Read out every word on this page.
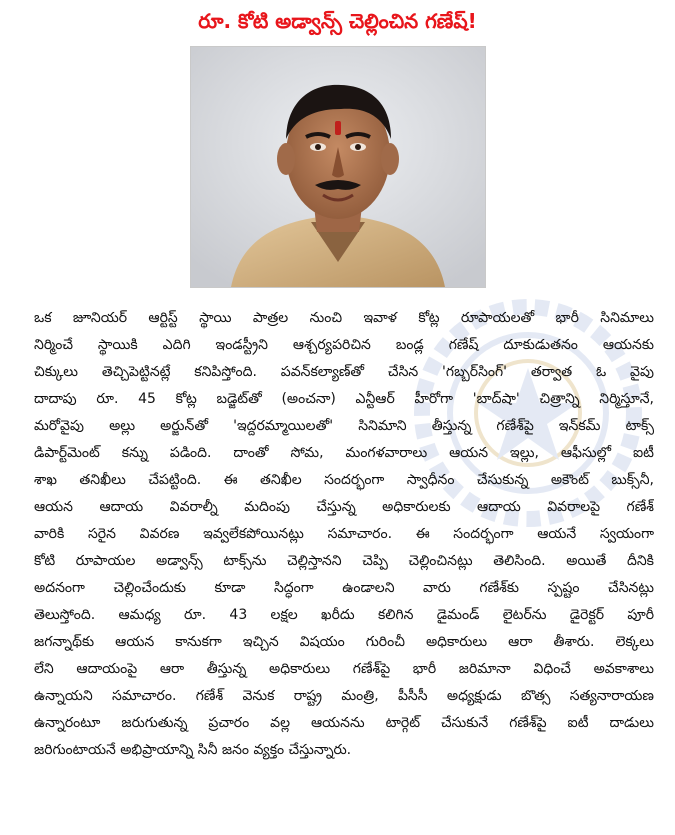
రూ. కోటి అడ్వాన్స్ చెల్లించిన గణేష్!
ఒక జూనియర్ ఆర్టిస్ట్ స్థాయి పాత్రల నుంచి ఇవాళ కోట్ల రూపాయలతో భారీ సినిమాలు
నిర్మించే స్థాయికి ఎదిగి ఇండస్ట్రీని ఆశ్చర్యపరిచిన బండ్ల గణేష్ దూకుడుతనం ఆయనకు
చిక్కులు తెచ్చిపెట్టినట్లే కనిపిస్తోంది. పవన్‌కల్యాణ్‌తో చేసిన 'గబ్బర్‌సింగ్' తర్వాత ఓ వైపు
దాదాపు రూ. 45 కోట్ల బడ్జెట్‌తో (అంచనా) ఎన్టీఆర్ హీరోగా 'బాద్‌షా' చిత్రాన్ని నిర్మిస్తూనే,
మరోవైపు అల్లు అర్జున్‌తో 'ఇద్దరమ్మాయిలతో' సినిమాని తీస్తున్న గణేశ్‌పై ఇన్‌కమ్ టాక్స్
డిపార్ట్‌మెంట్ కన్ను పడింది. దాంతో సోమ, మంగళవారాలు ఆయన ఇల్లు, ఆఫీసుల్లో ఐటీ
శాఖ తనిఖీలు చేపట్టింది. ఈ తనిఖీల సందర్భంగా స్వాధీనం చేసుకున్న అకౌంట్ బుక్స్‌నీ,
ఆయన ఆదాయ వివరాల్నీ మదింపు చేస్తున్న అధికారులకు ఆదాయ వివరాలపై గణేశ్
వారికి సరైన వివరణ ఇవ్వలేకపోయినట్లు సమాచారం. ఈ సందర్భంగా ఆయనే స్వయంగా
కోటి రూపాయల అడ్వాన్స్ టాక్స్‌ను చెల్లిస్తానని చెప్పి చెల్లించినట్లు తెలిసింది. అయితే దీనికి
అదనంగా చెల్లించేందుకు కూడా సిద్ధంగా ఉండాలని వారు గణేశ్‌కు స్పష్టం చేసినట్లు
తెలుస్తోంది. ఆమధ్య రూ. 43 లక్షల ఖరీదు కలిగిన డైమండ్ లైటర్‌ను డైరెక్టర్ పూరీ
జగన్నాథ్‌కు ఆయన కానుకగా ఇచ్చిన విషయం గురించీ అధికారులు ఆరా తీశారు. లెక్కలు
లేని ఆదాయంపై ఆరా తీస్తున్న అధికారులు గణేశ్‌పై భారీ జరిమానా విధించే అవకాశాలు
ఉన్నాయని సమాచారం. గణేశ్ వెనుక రాష్ట్ర మంత్రి, పీసీసీ అధ్యక్షుడు బొత్స సత్యనారాయణ
ఉన్నారంటూ జరుగుతున్న ప్రచారం వల్ల ఆయనను టార్గెట్ చేసుకునే గణేశ్‌పై ఐటీ దాడులు
జరిగుంటాయనే అభిప్రాయాన్ని సినీ జనం వ్యక్తం చేస్తున్నారు.
